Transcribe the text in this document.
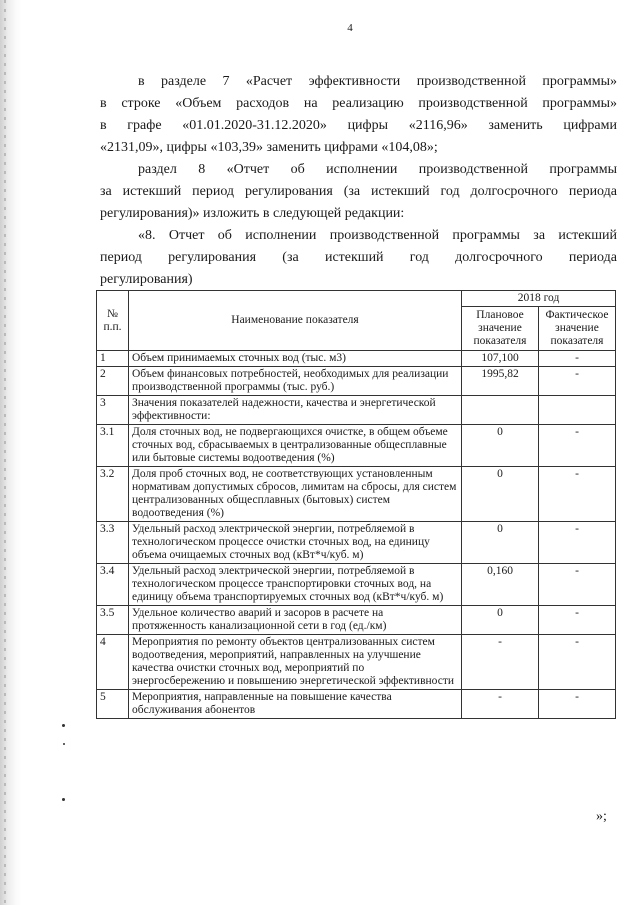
4
в разделе 7 «Расчет эффективности производственной программы»
в строке «Объем расходов на реализацию производственной программы»
в графе «01.01.2020-31.12.2020» цифры «2116,96» заменить цифрами
«2131,09», цифры «103,39» заменить цифрами «104,08»;
раздел 8 «Отчет об исполнении производственной программы
за истекший период регулирования (за истекший год долгосрочного периода
регулирования)» изложить в следующей редакции:
«8. Отчет об исполнении производственной программы за истекший
период регулирования (за истекший год долгосрочного периода
регулирования)
№ п.п.	Наименование показателя	2018 год	
		Плановое значение показателя	Фактическое значение показателя
1	Объем принимаемых сточных вод (тыс. м3)	107,100	-
2	Объем финансовых потребностей, необходимых для реализации производственной программы (тыс. руб.)	1995,82	-
3	Значения показателей надежности, качества и энергетической эффективности:		
3.1	Доля сточных вод, не подвергающихся очистке, в общем объеме сточных вод, сбрасываемых в централизованные общесплавные или бытовые системы водоотведения (%)	0	-
3.2	Доля проб сточных вод, не соответствующих установленным нормативам допустимых сбросов, лимитам на сбросы, для систем централизованных общесплавных (бытовых) систем водоотведения (%)	0	-
3.3	Удельный расход электрической энергии, потребляемой в технологическом процессе очистки сточных вод, на единицу объема очищаемых сточных вод (кВт*ч/куб. м)	0	-
3.4	Удельный расход электрической энергии, потребляемой в технологическом процессе транспортировки сточных вод, на единицу объема транспортируемых сточных вод (кВт*ч/куб. м)	0,160	-
3.5	Удельное количество аварий и засоров в расчете на протяженность канализационной сети в год (ед./км)	0	-
4	Мероприятия по ремонту объектов централизованных систем водоотведения, мероприятий, направленных на улучшение качества очистки сточных вод, мероприятий по энергосбережению и повышению энергетической эффективности	-	-
5	Мероприятия, направленные на повышение качества обслуживания абонентов	-	-
»;
